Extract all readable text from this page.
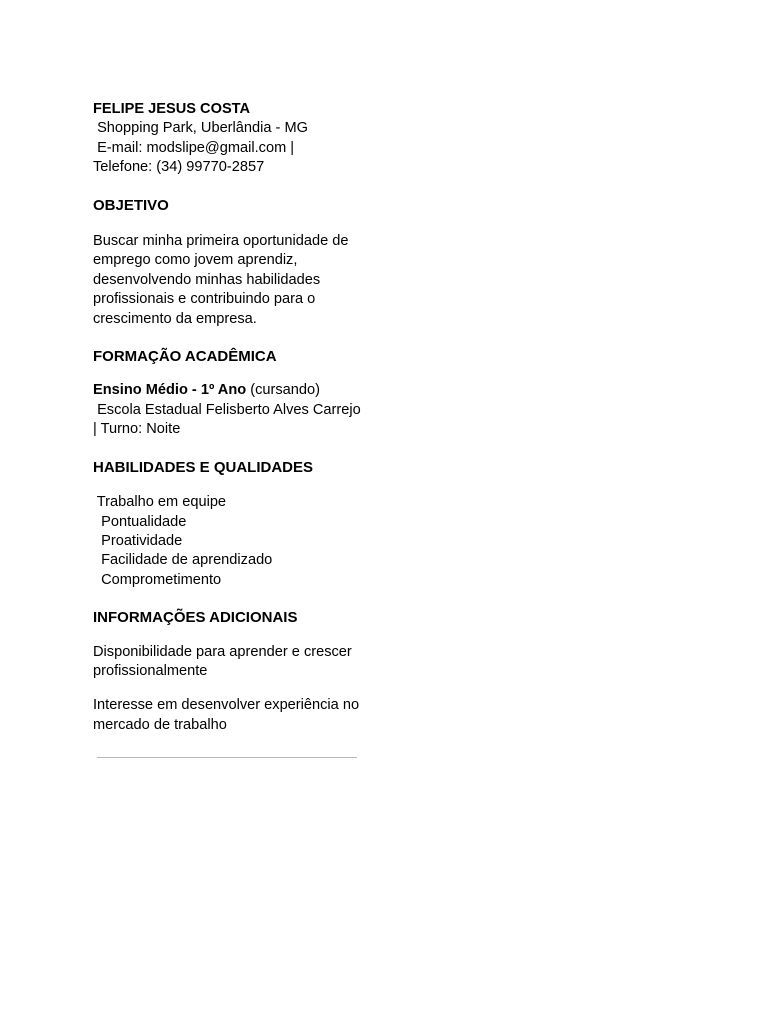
FELIPE JESUS COSTA

Shopping Park, Uberlândia - MG

E-mail: modslipe@gmail.com |

Telefone: (34) 99770-2857

OBJETIVO

Buscar minha primeira oportunidade de emprego como jovem aprendiz, desenvolvendo minhas habilidades profissionais e contribuindo para o crescimento da empresa.

FORMAÇÃO ACADÊMICA

Ensino Médio - 1º Ano (cursando)

Escola Estadual Felisberto Alves Carrejo | Turno: Noite

HABILIDADES E QUALIDADES

Trabalho em equipe

Pontualidade

Proatividade

Facilidade de aprendizado

Comprometimento

INFORMAÇÕES ADICIONAIS

Disponibilidade para aprender e crescer profissionalmente

Interesse em desenvolver experiência no mercado de trabalho
